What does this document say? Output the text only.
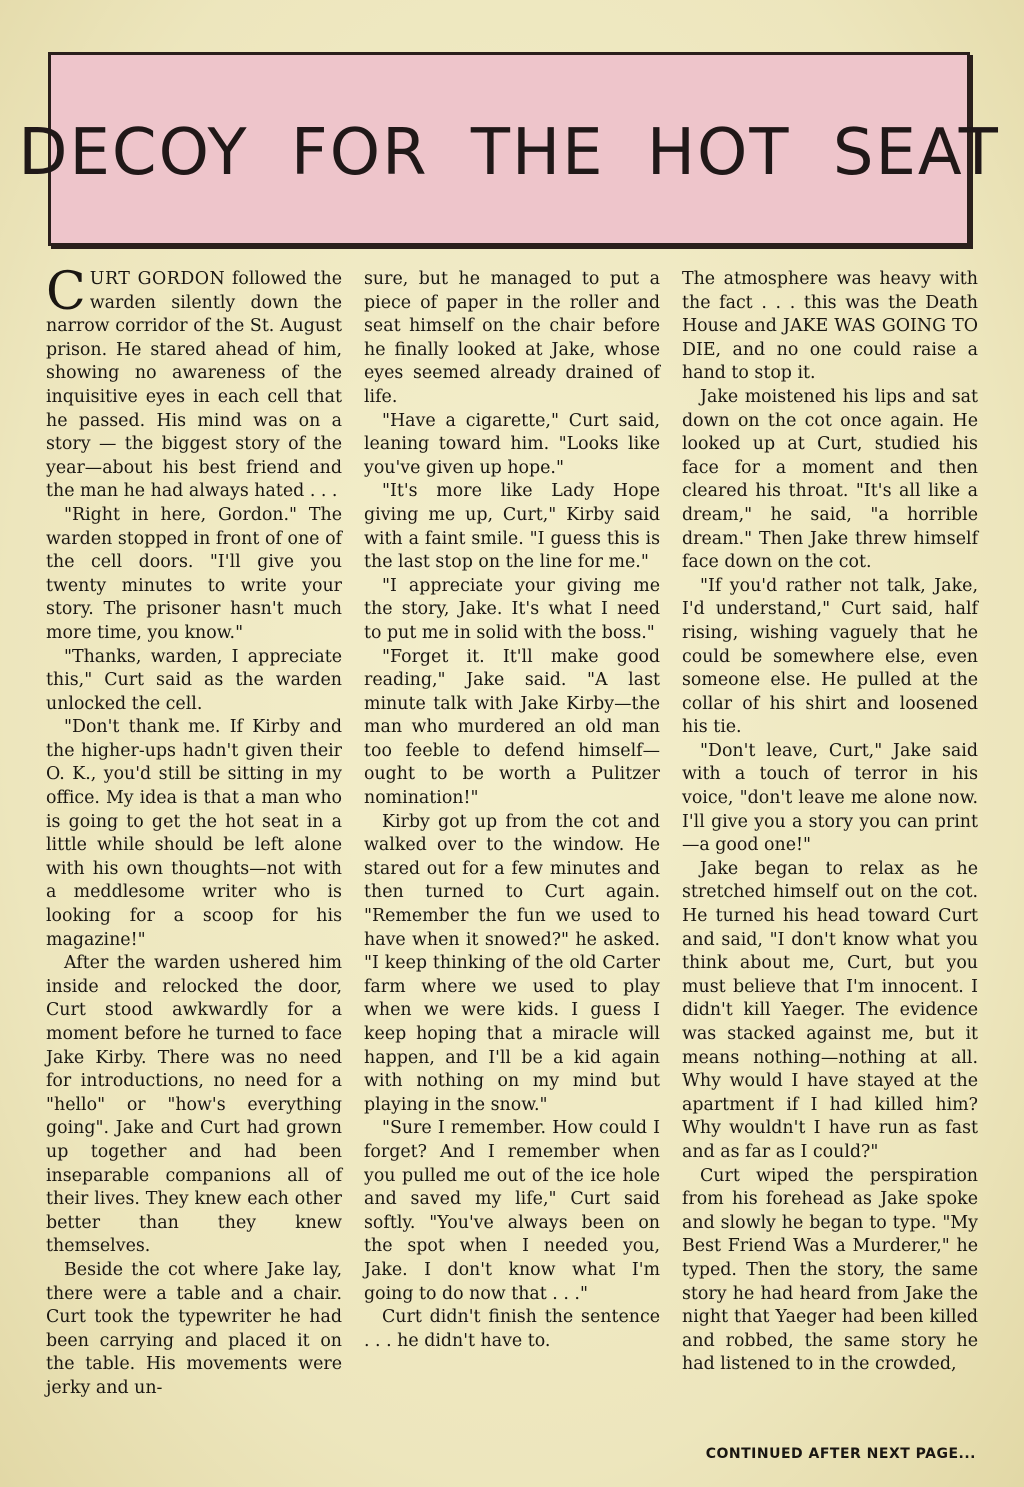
DECOY FOR THE HOT SEAT

CURT GORDON followed the warden silently down the narrow corridor of the St. August prison. He stared ahead of him, showing no awareness of the inquisitive eyes in each cell that he passed. His mind was on a story — the biggest story of the year—about his best friend and the man he had always hated . . .

"Right in here, Gordon." The warden stopped in front of one of the cell doors. "I'll give you twenty minutes to write your story. The prisoner hasn't much more time, you know."

"Thanks, warden, I appreciate this," Curt said as the warden unlocked the cell.

"Don't thank me. If Kirby and the higher-ups hadn't given their O. K., you'd still be sitting in my office. My idea is that a man who is going to get the hot seat in a little while should be left alone with his own thoughts—not with a meddlesome writer who is looking for a scoop for his magazine!"

After the warden ushered him inside and relocked the door, Curt stood awkwardly for a moment before he turned to face Jake Kirby. There was no need for introductions, no need for a "hello" or "how's everything going". Jake and Curt had grown up together and had been inseparable companions all of their lives. They knew each other better than they knew themselves.

Beside the cot where Jake lay, there were a table and a chair. Curt took the typewriter he had been carrying and placed it on the table. His movements were jerky and un-

sure, but he managed to put a piece of paper in the roller and seat himself on the chair before he finally looked at Jake, whose eyes seemed already drained of life.

"Have a cigarette," Curt said, leaning toward him. "Looks like you've given up hope."

"It's more like Lady Hope giving me up, Curt," Kirby said with a faint smile. "I guess this is the last stop on the line for me."

"I appreciate your giving me the story, Jake. It's what I need to put me in solid with the boss."

"Forget it. It'll make good reading," Jake said. "A last minute talk with Jake Kirby—the man who murdered an old man too feeble to defend himself—ought to be worth a Pulitzer nomination!"

Kirby got up from the cot and walked over to the window. He stared out for a few minutes and then turned to Curt again. "Remember the fun we used to have when it snowed?" he asked. "I keep thinking of the old Carter farm where we used to play when we were kids. I guess I keep hoping that a miracle will happen, and I'll be a kid again with nothing on my mind but playing in the snow."

"Sure I remember. How could I forget? And I remember when you pulled me out of the ice hole and saved my life," Curt said softly. "You've always been on the spot when I needed you, Jake. I don't know what I'm going to do now that . . ."

Curt didn't finish the sentence . . . he didn't have to.

The atmosphere was heavy with the fact . . . this was the Death House and JAKE WAS GOING TO DIE, and no one could raise a hand to stop it.

Jake moistened his lips and sat down on the cot once again. He looked up at Curt, studied his face for a moment and then cleared his throat. "It's all like a dream," he said, "a horrible dream." Then Jake threw himself face down on the cot.

"If you'd rather not talk, Jake, I'd understand," Curt said, half rising, wishing vaguely that he could be somewhere else, even someone else. He pulled at the collar of his shirt and loosened his tie.

"Don't leave, Curt," Jake said with a touch of terror in his voice, "don't leave me alone now. I'll give you a story you can print—a good one!"

Jake began to relax as he stretched himself out on the cot. He turned his head toward Curt and said, "I don't know what you think about me, Curt, but you must believe that I'm innocent. I didn't kill Yaeger. The evidence was stacked against me, but it means nothing—nothing at all. Why would I have stayed at the apartment if I had killed him? Why wouldn't I have run as fast and as far as I could?"

Curt wiped the perspiration from his forehead as Jake spoke and slowly he began to type. "My Best Friend Was a Murderer," he typed. Then the story, the same story he had heard from Jake the night that Yaeger had been killed and robbed, the same story he had listened to in the crowded,

CONTINUED AFTER NEXT PAGE...
